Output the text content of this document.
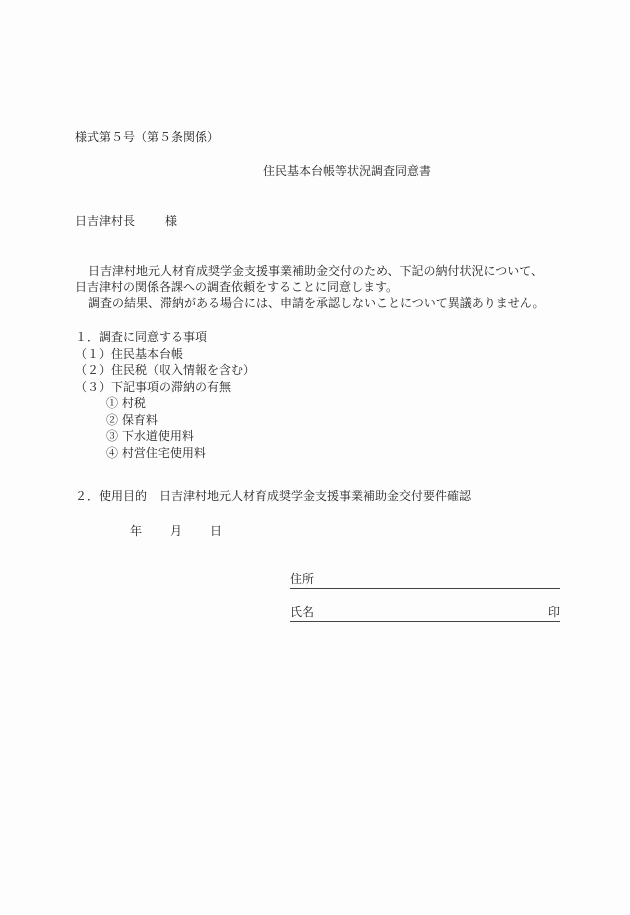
様式第５号（第５条関係）
住民基本台帳等状況調査同意書
日吉津村長	様
日吉津村地元人材育成奨学金支援事業補助金交付のため、下記の納付状況について、
日吉津村の関係各課への調査依頼をすることに同意します。
調査の結果、滞納がある場合には、申請を承認しないことについて異議ありません。
１．調査に同意する事項
（１）住民基本台帳
（２）住民税（収入情報を含む）
（３）下記事項の滞納の有無
① 村税
② 保育料
③ 下水道使用料
④ 村営住宅使用料
２．使用目的 日吉津村地元人材育成奨学金支援事業補助金交付要件確認
年 月 日
住所
氏名	印
